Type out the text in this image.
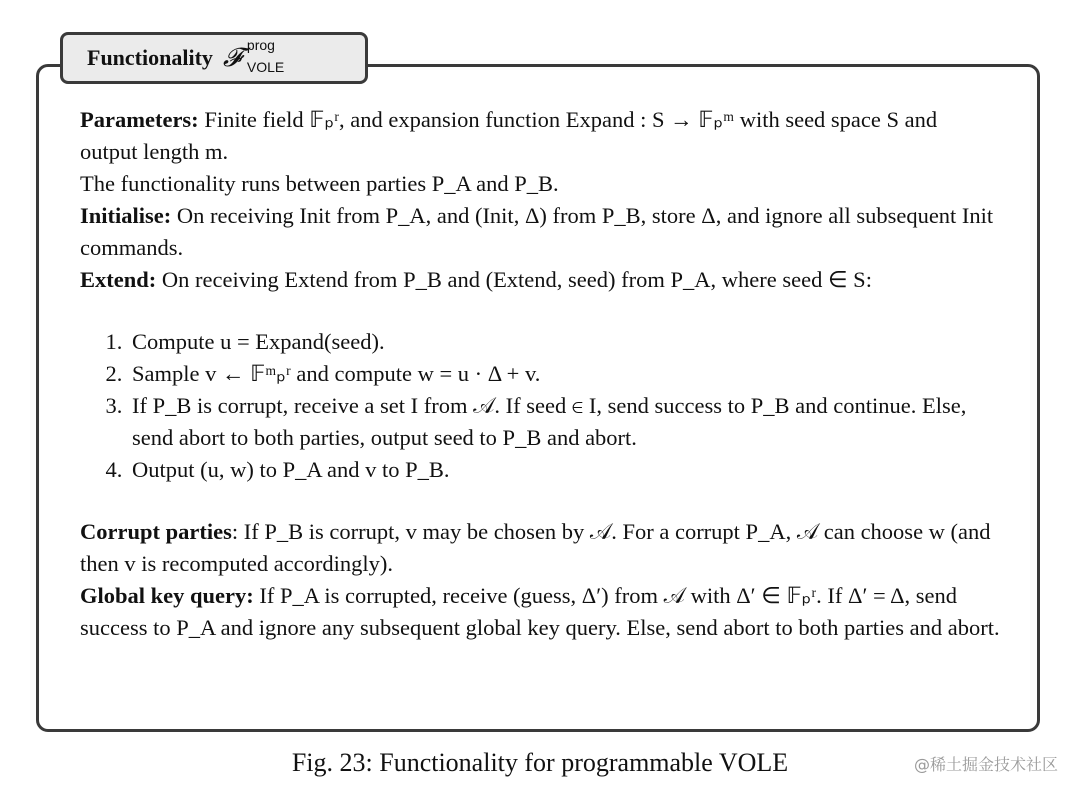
Functionality 𝓕 prog
VOLE

Parameters: Finite field 𝔽ₚʳ, and expansion function Expand : S → 𝔽ₚᵐ with seed space S and output length m.

The functionality runs between parties P_A and P_B.

Initialise: On receiving Init from P_A, and (Init, Δ) from P_B, store Δ, and ignore all subsequent Init commands.

Extend: On receiving Extend from P_B and (Extend, seed) from P_A, where seed ∈ S:

1. Compute u = Expand(seed).
2. Sample v ← 𝔽ᵐₚʳ and compute w = u · Δ + v.
3. If P_B is corrupt, receive a set I from 𝒜. If seed ∈ I, send success to P_B and continue. Else, send abort to both parties, output seed to P_B and abort.
4. Output (u, w) to P_A and v to P_B.

Corrupt parties: If P_B is corrupt, v may be chosen by 𝒜. For a corrupt P_A, 𝒜 can choose w (and then v is recomputed accordingly).

Global key query: If P_A is corrupted, receive (guess, Δ′) from 𝒜 with Δ′ ∈ 𝔽ₚʳ. If Δ′ = Δ, send success to P_A and ignore any subsequent global key query. Else, send abort to both parties and abort.

Fig. 23: Functionality for programmable VOLE	@稀土掘金技术社区
